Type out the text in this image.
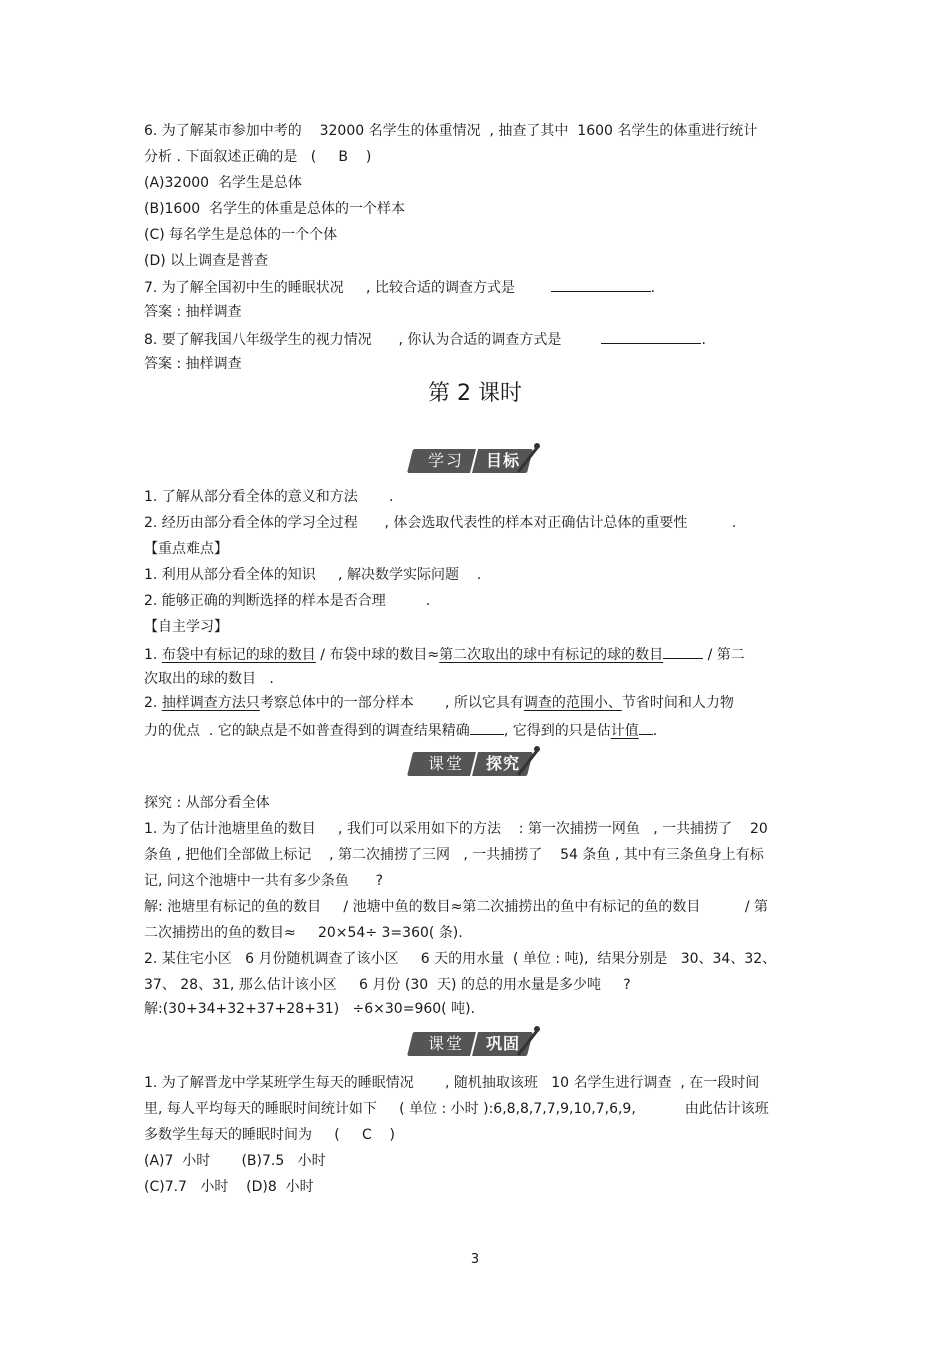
6. 为了解某市参加中考的    32000 名学生的体重情况  , 抽查了其中  1600 名学生的体重进行统计
分析 . 下面叙述正确的是   (     B    )
(A)32000  名学生是总体
(B)1600  名学生的体重是总体的一个样本
(C) 每名学生是总体的一个个体
(D) 以上调查是普查
7. 为了解全国初中生的睡眠状况     , 比较合适的调查方式是	.
答案 : 抽样调查
8. 要了解我国八年级学生的视力情况      , 你认为合适的调查方式是	.
答案 : 抽样调查
第 2 课时
学习	目标
1. 了解从部分看全体的意义和方法       .
2. 经历由部分看全体的学习全过程      , 体会选取代表性的样本对正确估计总体的重要性          .
【重点难点】
1. 利用从部分看全体的知识     , 解决数学实际问题    .
2. 能够正确的判断选择的样本是否合理         .
【自主学习】
1. 布袋中有标记的球的数目 / 布袋中球的数目≈第二次取出的球中有标记的球的数目	/ 第二
次取出的球的数目   .
2. 抽样调查方法只考察总体中的一部分样本       , 所以它具有调查的范围小、节省时间和人力物
力的优点  . 它的缺点是不如普查得到的调查结果精确 , 它得到的只是估计值 .
课堂	探究
探究 : 从部分看全体
1. 为了估计池塘里鱼的数目     , 我们可以采用如下的方法    : 第一次捕捞一网鱼   , 一共捕捞了    20
条鱼 , 把他们全部做上标记    , 第二次捕捞了三网   , 一共捕捞了    54 条鱼 , 其中有三条鱼身上有标
记, 问这个池塘中一共有多少条鱼      ?
解: 池塘里有标记的鱼的数目     / 池塘中鱼的数目≈第二次捕捞出的鱼中有标记的鱼的数目          / 第
二次捕捞出的鱼的数目≈     20×54÷ 3=360( 条).
2. 某住宅小区   6 月份随机调查了该小区     6 天的用水量  ( 单位 : 吨),  结果分别是   30、34、32、
37、 28、31, 那么估计该小区     6 月份 (30  天) 的总的用水量是多少吨     ?
解:(30+34+32+37+28+31)   ÷6×30=960( 吨).
课堂	巩固
1. 为了解晋龙中学某班学生每天的睡眠情况       , 随机抽取该班   10 名学生进行调查  , 在一段时间
里, 每人平均每天的睡眠时间统计如下     ( 单位 : 小时 ):6,8,8,7,7,9,10,7,6,9,           由此估计该班
多数学生每天的睡眠时间为     (     C    )
(A)7  小时       (B)7.5   小时
(C)7.7   小时    (D)8  小时
3
